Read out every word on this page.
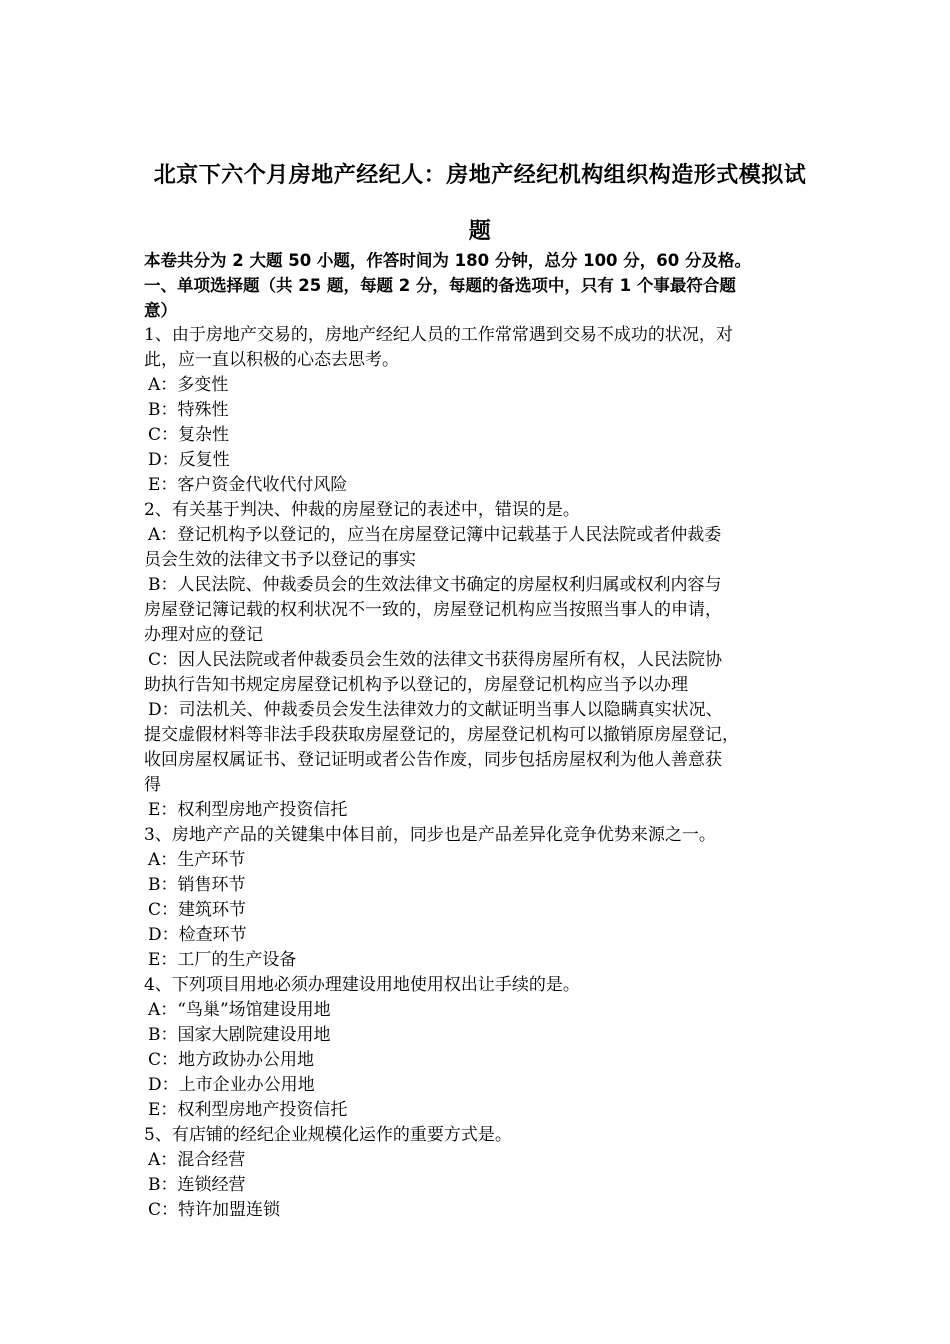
北京下六个月房地产经纪人：房地产经纪机构组织构造形式模拟试
题
本卷共分为 2 大题 50 小题，作答时间为 180 分钟，总分 100 分，60 分及格。
一、单项选择题（共 25 题，每题 2 分，每题的备选项中，只有 1 个事最符合题
意）
1、由于房地产交易的，房地产经纪人员的工作常常遇到交易不成功的状况，对
此，应一直以积极的心态去思考。
A：多变性
B：特殊性
C：复杂性
D：反复性
E：客户资金代收代付风险
2、有关基于判决、仲裁的房屋登记的表述中，错误的是。
A：登记机构予以登记的，应当在房屋登记簿中记载基于人民法院或者仲裁委
员会生效的法律文书予以登记的事实
B：人民法院、仲裁委员会的生效法律文书确定的房屋权利归属或权利内容与
房屋登记簿记载的权利状况不一致的，房屋登记机构应当按照当事人的申请，
办理对应的登记
C：因人民法院或者仲裁委员会生效的法律文书获得房屋所有权，人民法院协
助执行告知书规定房屋登记机构予以登记的，房屋登记机构应当予以办理
D：司法机关、仲裁委员会发生法律效力的文献证明当事人以隐瞒真实状况、
提交虚假材料等非法手段获取房屋登记的，房屋登记机构可以撤销原房屋登记，
收回房屋权属证书、登记证明或者公告作废，同步包括房屋权利为他人善意获
得
E：权利型房地产投资信托
3、房地产产品的关键集中体目前，同步也是产品差异化竞争优势来源之一。
A：生产环节
B：销售环节
C：建筑环节
D：检查环节
E：工厂的生产设备
4、下列项目用地必须办理建设用地使用权出让手续的是。
A：“鸟巢”场馆建设用地
B：国家大剧院建设用地
C：地方政协办公用地
D：上市企业办公用地
E：权利型房地产投资信托
5、有店铺的经纪企业规模化运作的重要方式是。
A：混合经营
B：连锁经营
C：特许加盟连锁
